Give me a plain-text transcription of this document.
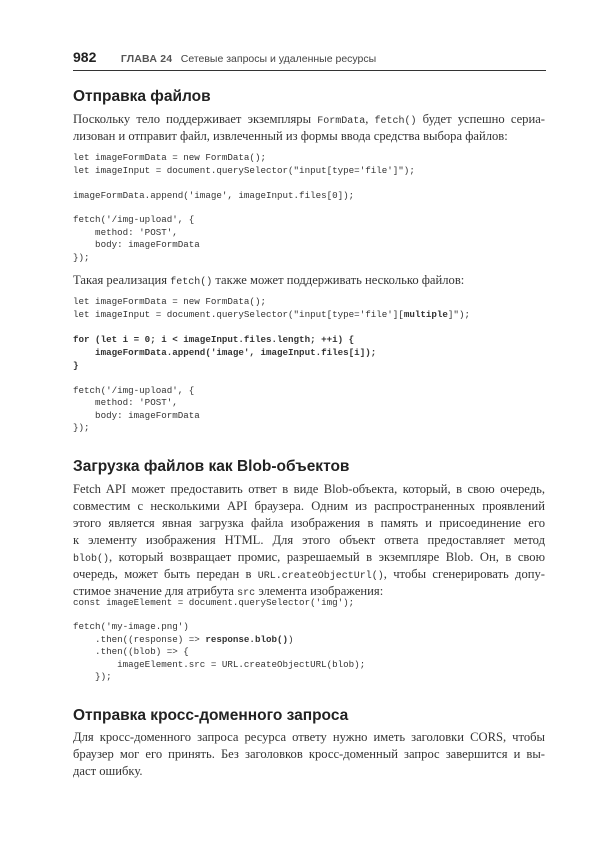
982 ГЛАВА 24 Сетевые запросы и удаленные ресурсы
Отправка файлов
Загрузка файлов как Blob-объектов
Отправка кросс-доменного запроса
Поскольку тело поддерживает экземпляры FormData, fetch() будет успешно сериа-
лизован и отправит файл, извлеченный из формы ввода средства выбора файлов:
let imageFormData = new FormData();
let imageInput = document.querySelector("input[type='file']");
imageFormData.append('image', imageInput.files[0]);
fetch('/img-upload', {
method: 'POST',
body: imageFormData
});
Такая реализация fetch() также может поддерживать несколько файлов:
let imageFormData = new FormData();
let imageInput = document.querySelector("input[type='file'][multiple]");
for (let i = 0; i < imageInput.files.length; ++i) {
imageFormData.append('image', imageInput.files[i]);
}
fetch('/img-upload', {
method: 'POST',
body: imageFormData
});
Fetch API может предоставить ответ в виде Blob-объекта, который, в свою очередь,
совместим с несколькими API браузера. Одним из распространенных проявлений
этого является явная загрузка файла изображения в память и присоединение его
к элементу изображения HTML. Для этого объект ответа предоставляет метод
blob(), который возвращает промис, разрешаемый в экземпляре Blob. Он, в свою
очередь, может быть передан в URL.createObjectUrl(), чтобы сгенерировать допу-
стимое значение для атрибута src элемента изображения:
const imageElement = document.querySelector('img');
fetch('my-image.png')
.then((response) => response.blob())
.then((blob) => {
imageElement.src = URL.createObjectURL(blob);
});
Для кросс-доменного запроса ресурса ответу нужно иметь заголовки CORS, чтобы
браузер мог его принять. Без заголовков кросс-доменный запрос завершится и вы-
даст ошибку.
